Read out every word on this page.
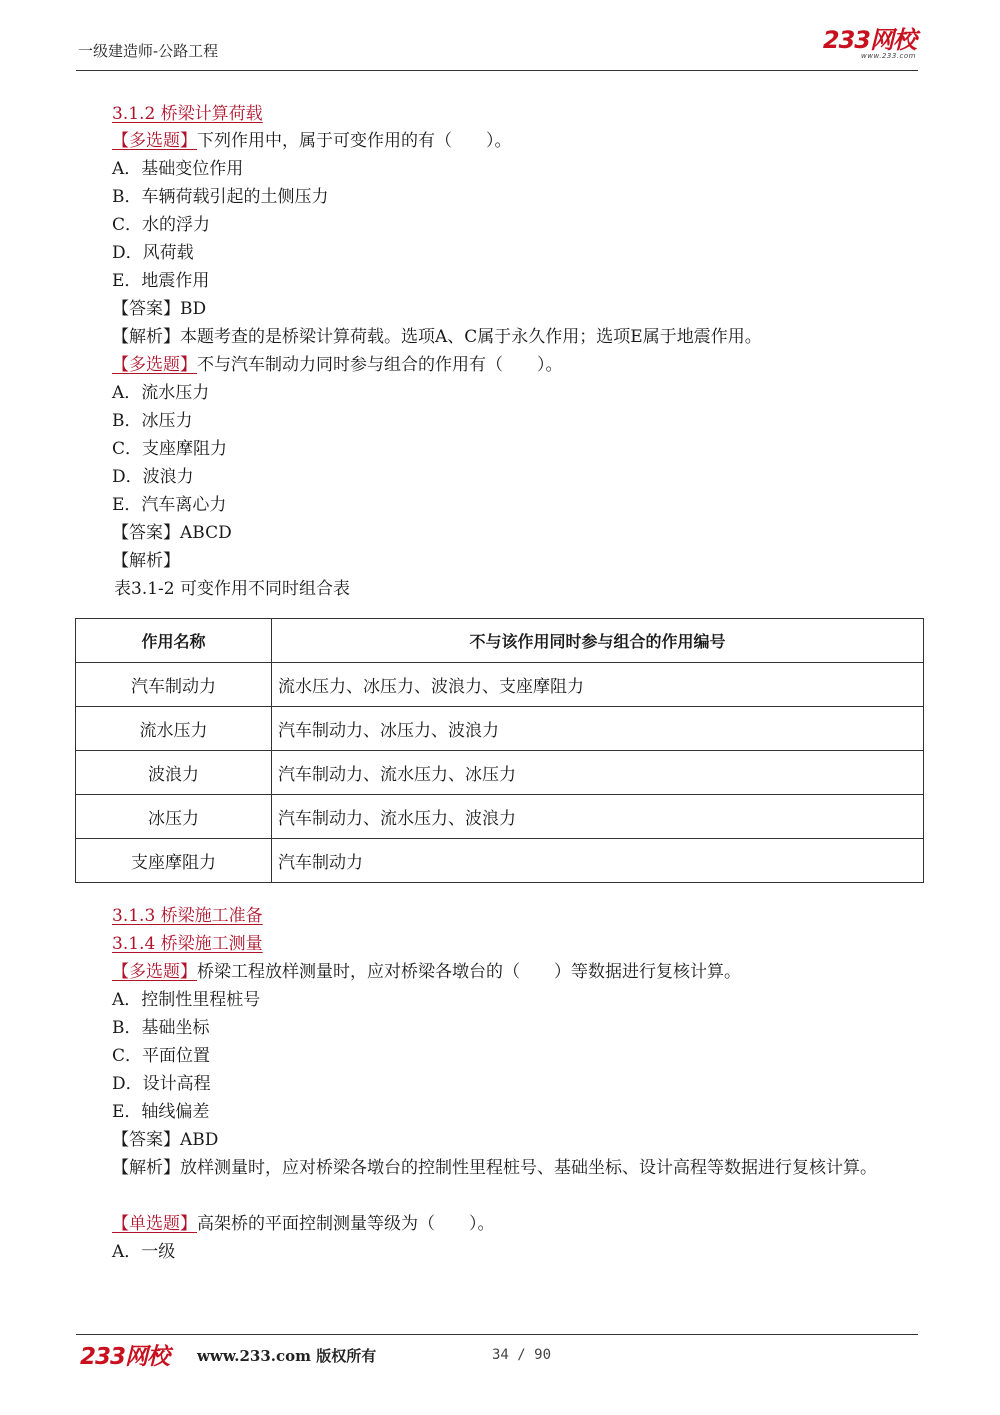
一级建造师-公路工程	233网校
www.233.com
3.1.2 桥梁计算荷载
【多选题】下列作用中，属于可变作用的有（　　）。
A．基础变位作用
B．车辆荷载引起的土侧压力
C．水的浮力
D．风荷载
E．地震作用
【答案】BD
【解析】本题考查的是桥梁计算荷载。选项A、C属于永久作用；选项E属于地震作用。
【多选题】不与汽车制动力同时参与组合的作用有（　　）。
A．流水压力
B．冰压力
C．支座摩阻力
D．波浪力
E．汽车离心力
【答案】ABCD
【解析】
表3.1-2 可变作用不同时组合表
作用名称	不与该作用同时参与组合的作用编号
汽车制动力	流水压力、冰压力、波浪力、支座摩阻力
流水压力	汽车制动力、冰压力、波浪力
波浪力	汽车制动力、流水压力、冰压力
冰压力	汽车制动力、流水压力、波浪力
支座摩阻力	汽车制动力
3.1.3 桥梁施工准备
3.1.4 桥梁施工测量
【多选题】桥梁工程放样测量时，应对桥梁各墩台的（　　）等数据进行复核计算。
A．控制性里程桩号
B．基础坐标
C．平面位置
D．设计高程
E．轴线偏差
【答案】ABD
【解析】放样测量时，应对桥梁各墩台的控制性里程桩号、基础坐标、设计高程等数据进行复核计算。
【单选题】高架桥的平面控制测量等级为（　　）。
A．一级
233网校 www.233.com 版权所有	34 / 90
